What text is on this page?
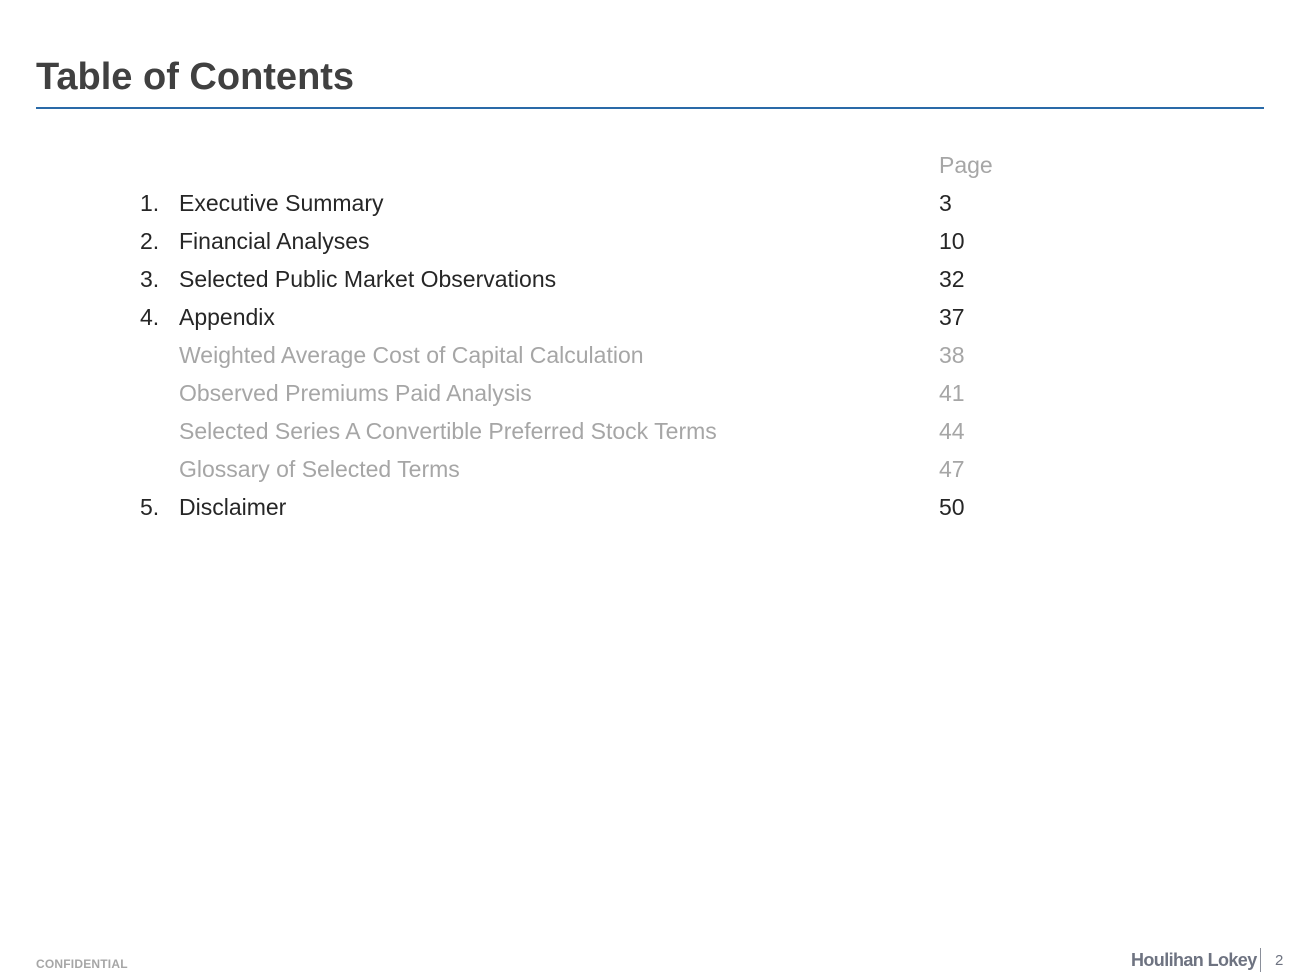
Table of Contents
Page
1. Executive Summary	3
2. Financial Analyses	10
3. Selected Public Market Observations	32
4. Appendix	37
Weighted Average Cost of Capital Calculation	38
Observed Premiums Paid Analysis	41
Selected Series A Convertible Preferred Stock Terms	44
Glossary of Selected Terms	47
5. Disclaimer	50
CONFIDENTIAL	Houlihan Lokey 2
